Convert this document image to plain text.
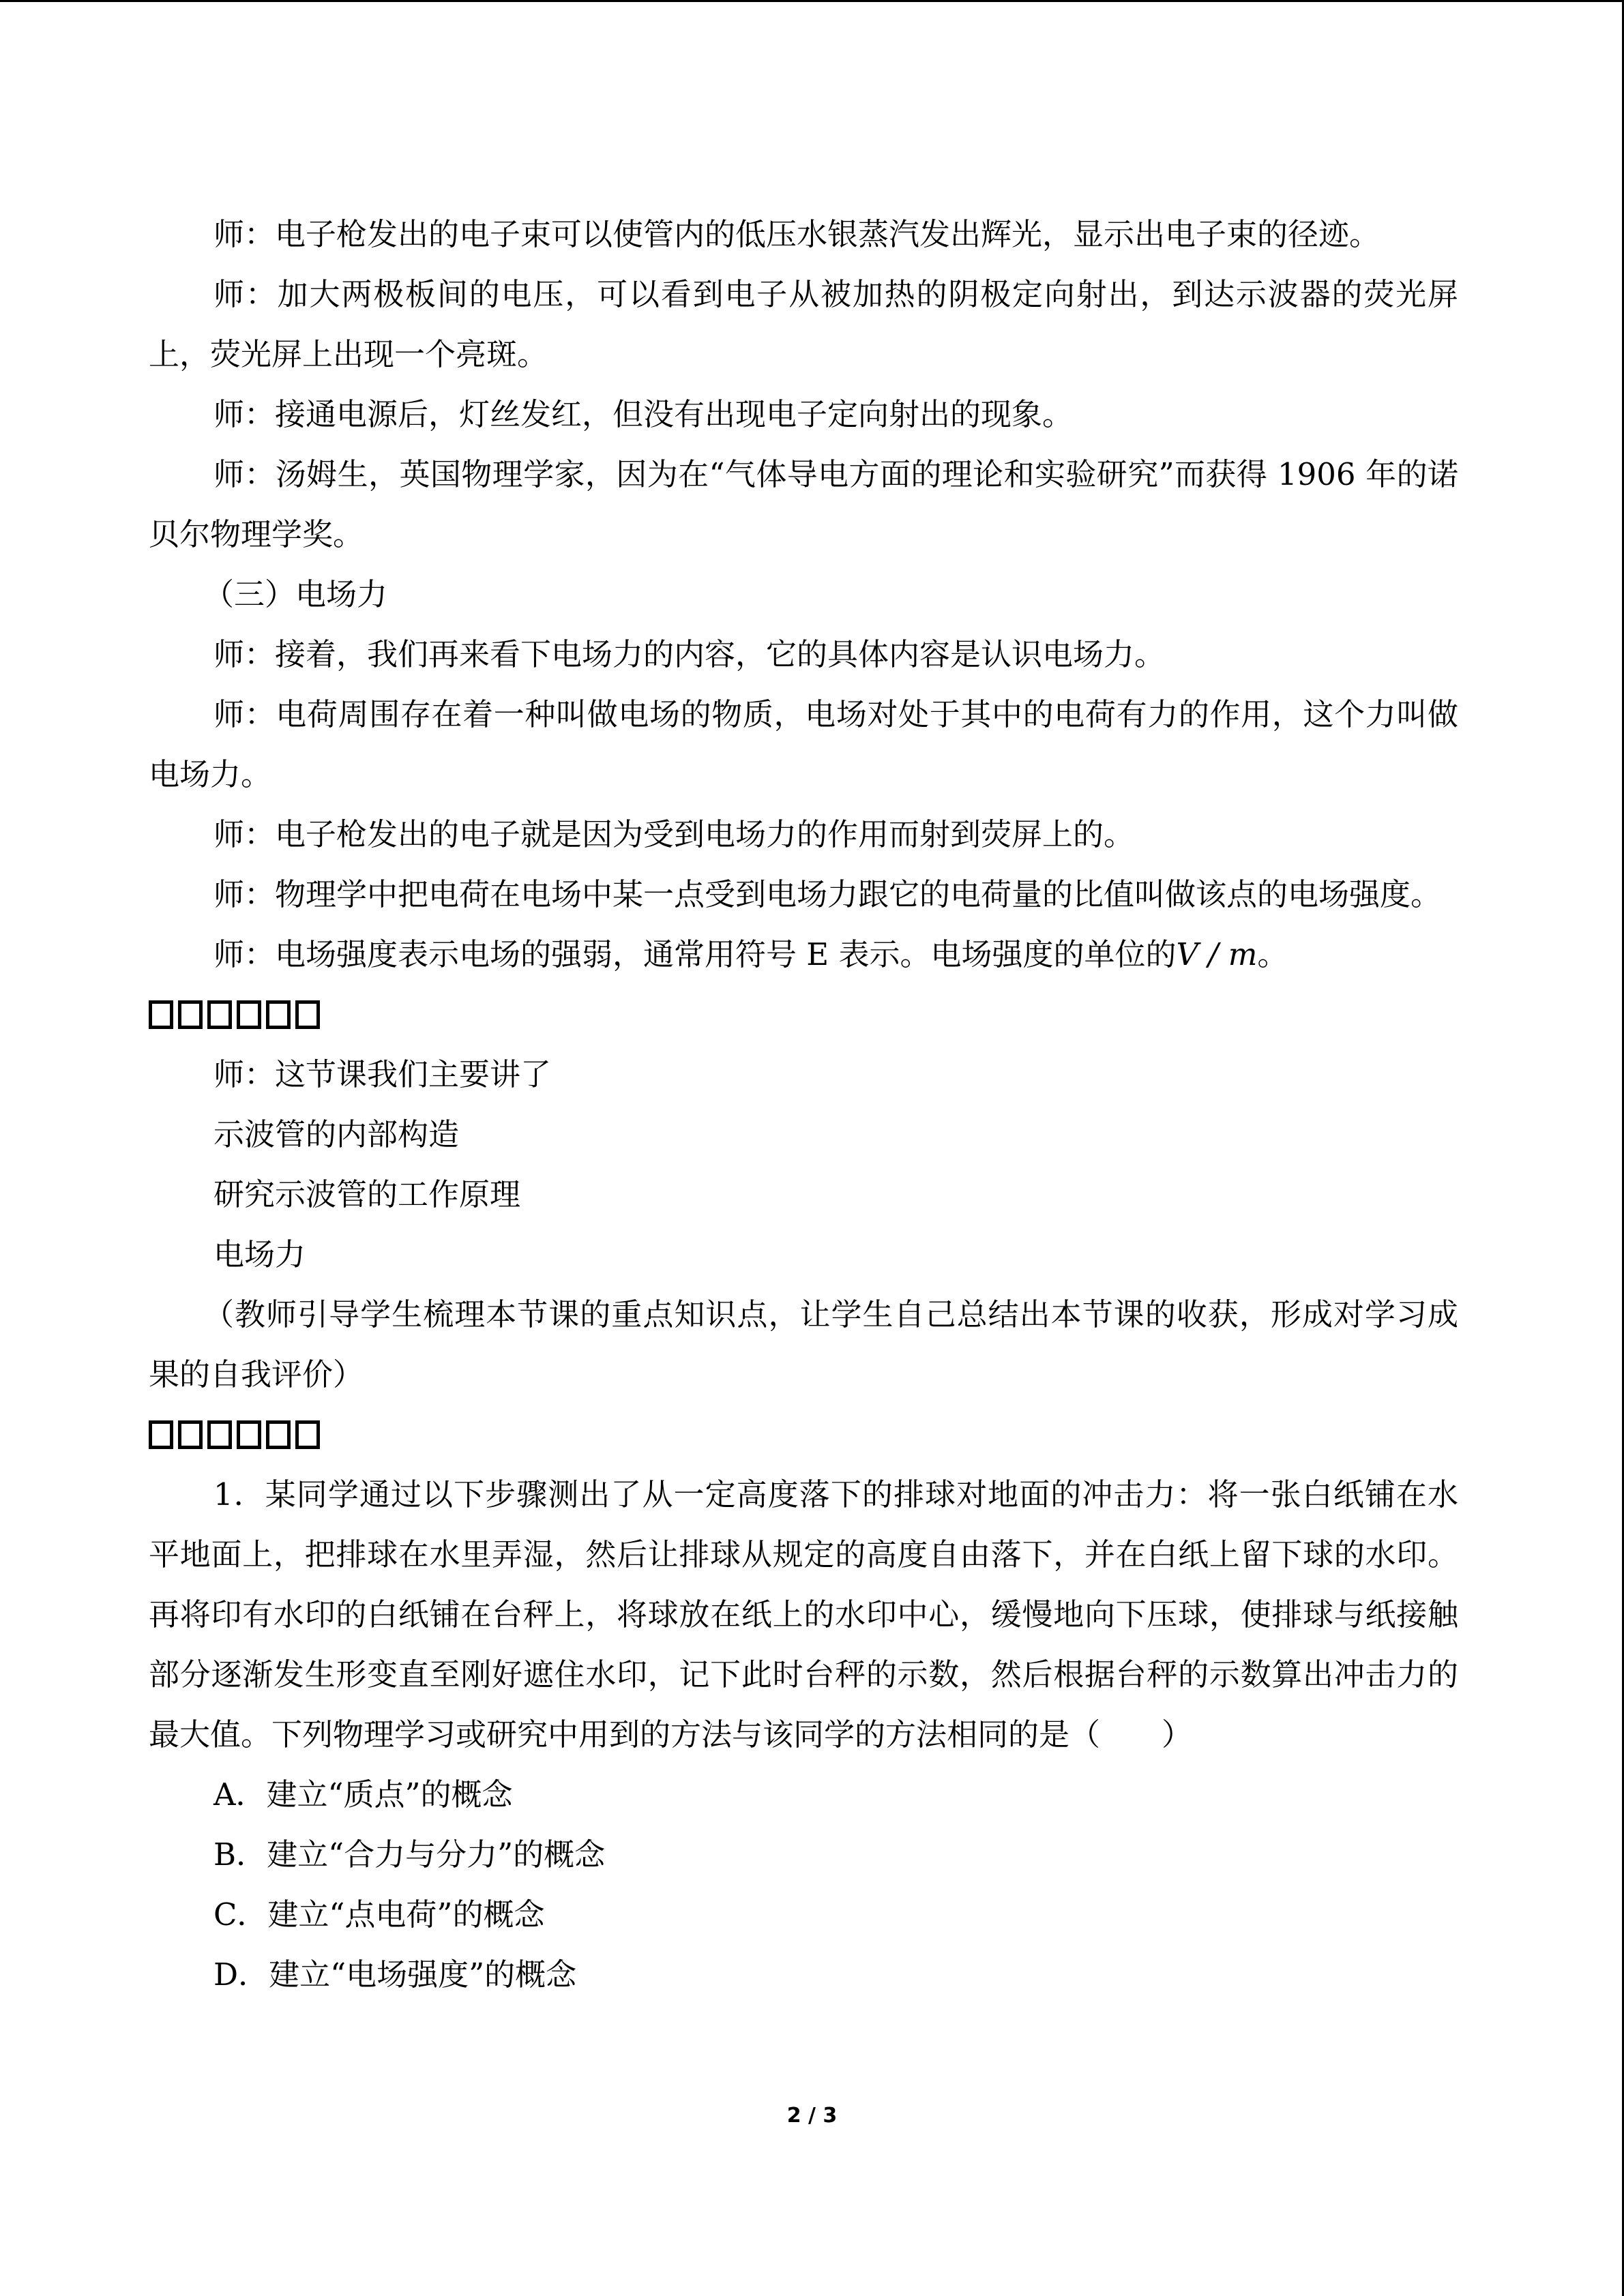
师：电子枪发出的电子束可以使管内的低压水银蒸汽发出辉光，显示出电子束的径迹。

师：加大两极板间的电压，可以看到电子从被加热的阴极定向射出，到达示波器的荧光屏上，荧光屏上出现一个亮斑。

师：接通电源后，灯丝发红，但没有出现电子定向射出的现象。

师：汤姆生，英国物理学家，因为在“气体导电方面的理论和实验研究”而获得 1906 年的诺贝尔物理学奖。

（三）电场力

师：接着，我们再来看下电场力的内容，它的具体内容是认识电场力。

师：电荷周围存在着一种叫做电场的物质，电场对处于其中的电荷有力的作用，这个力叫做电场力。

师：电子枪发出的电子就是因为受到电场力的作用而射到荧屏上的。

师：物理学中把电荷在电场中某一点受到电场力跟它的电荷量的比值叫做该点的电场强度。

师：电场强度表示电场的强弱，通常用符号 E 表示。电场强度的单位的V / m。

师：这节课我们主要讲了

示波管的内部构造

研究示波管的工作原理

电场力

（教师引导学生梳理本节课的重点知识点，让学生自己总结出本节课的收获，形成对学习成果的自我评价）

1．某同学通过以下步骤测出了从一定高度落下的排球对地面的冲击力：将一张白纸铺在水平地面上，把排球在水里弄湿，然后让排球从规定的高度自由落下，并在白纸上留下球的水印。再将印有水印的白纸铺在台秤上，将球放在纸上的水印中心，缓慢地向下压球，使排球与纸接触部分逐渐发生形变直至刚好遮住水印，记下此时台秤的示数，然后根据台秤的示数算出冲击力的最大值。下列物理学习或研究中用到的方法与该同学的方法相同的是（　　）

A．建立“质点”的概念

B．建立“合力与分力”的概念

C．建立“点电荷”的概念

D．建立“电场强度”的概念

2 / 3
